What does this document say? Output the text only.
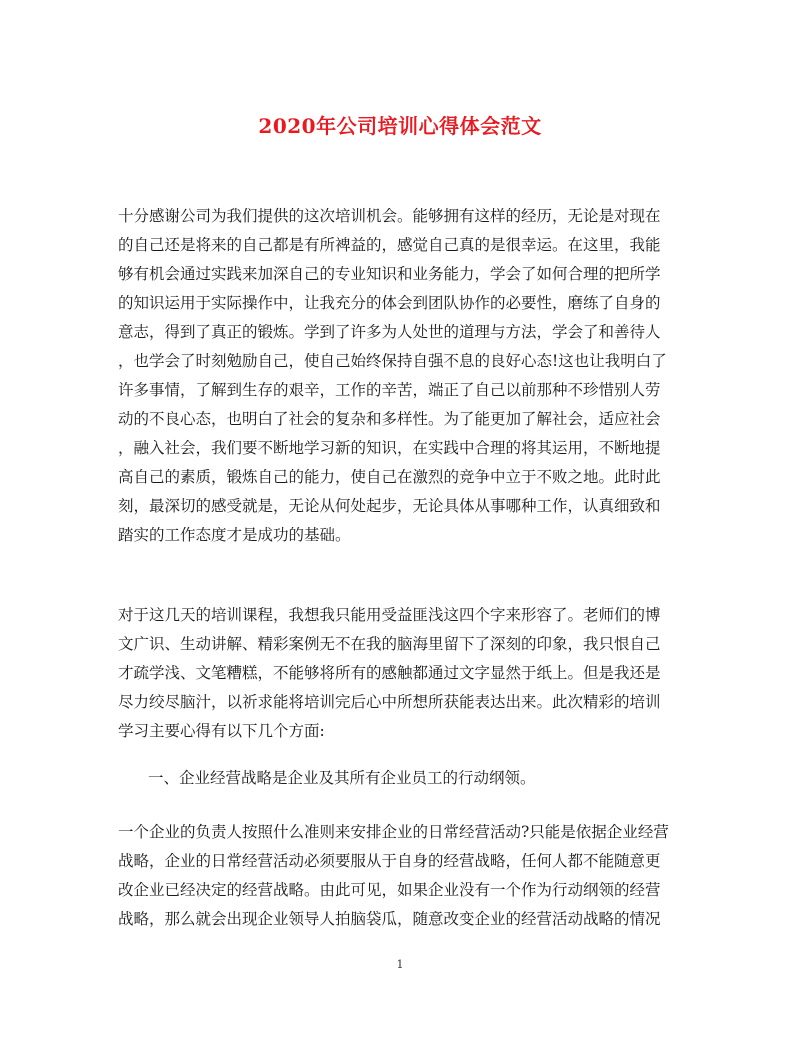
2020年公司培训心得体会范文

十分感谢公司为我们提供的这次培训机会。能够拥有这样的经历，无论是对现在

的自己还是将来的自己都是有所裨益的，感觉自己真的是很幸运。在这里，我能

够有机会通过实践来加深自己的专业知识和业务能力，学会了如何合理的把所学

的知识运用于实际操作中，让我充分的体会到团队协作的必要性，磨练了自身的

意志，得到了真正的锻炼。学到了许多为人处世的道理与方法，学会了和善待人

，也学会了时刻勉励自己，使自己始终保持自强不息的良好心态!这也让我明白了

许多事情，了解到生存的艰辛，工作的辛苦，端正了自己以前那种不珍惜别人劳

动的不良心态，也明白了社会的复杂和多样性。为了能更加了解社会，适应社会

，融入社会，我们要不断地学习新的知识，在实践中合理的将其运用，不断地提

高自己的素质，锻炼自己的能力，使自己在激烈的竞争中立于不败之地。此时此

刻，最深切的感受就是，无论从何处起步，无论具体从事哪种工作，认真细致和

踏实的工作态度才是成功的基础。

对于这几天的培训课程，我想我只能用受益匪浅这四个字来形容了。老师们的博

文广识、生动讲解、精彩案例无不在我的脑海里留下了深刻的印象，我只恨自己

才疏学浅、文笔糟糕，不能够将所有的感触都通过文字显然于纸上。但是我还是

尽力绞尽脑汁，以祈求能将培训完后心中所想所获能表达出来。此次精彩的培训

学习主要心得有以下几个方面:

一、企业经营战略是企业及其所有企业员工的行动纲领。

一个企业的负责人按照什么准则来安排企业的日常经营活动?只能是依据企业经营

战略，企业的日常经营活动必须要服从于自身的经营战略，任何人都不能随意更

改企业已经决定的经营战略。由此可见，如果企业没有一个作为行动纲领的经营

战略，那么就会出现企业领导人拍脑袋瓜，随意改变企业的经营活动战略的情况

1
